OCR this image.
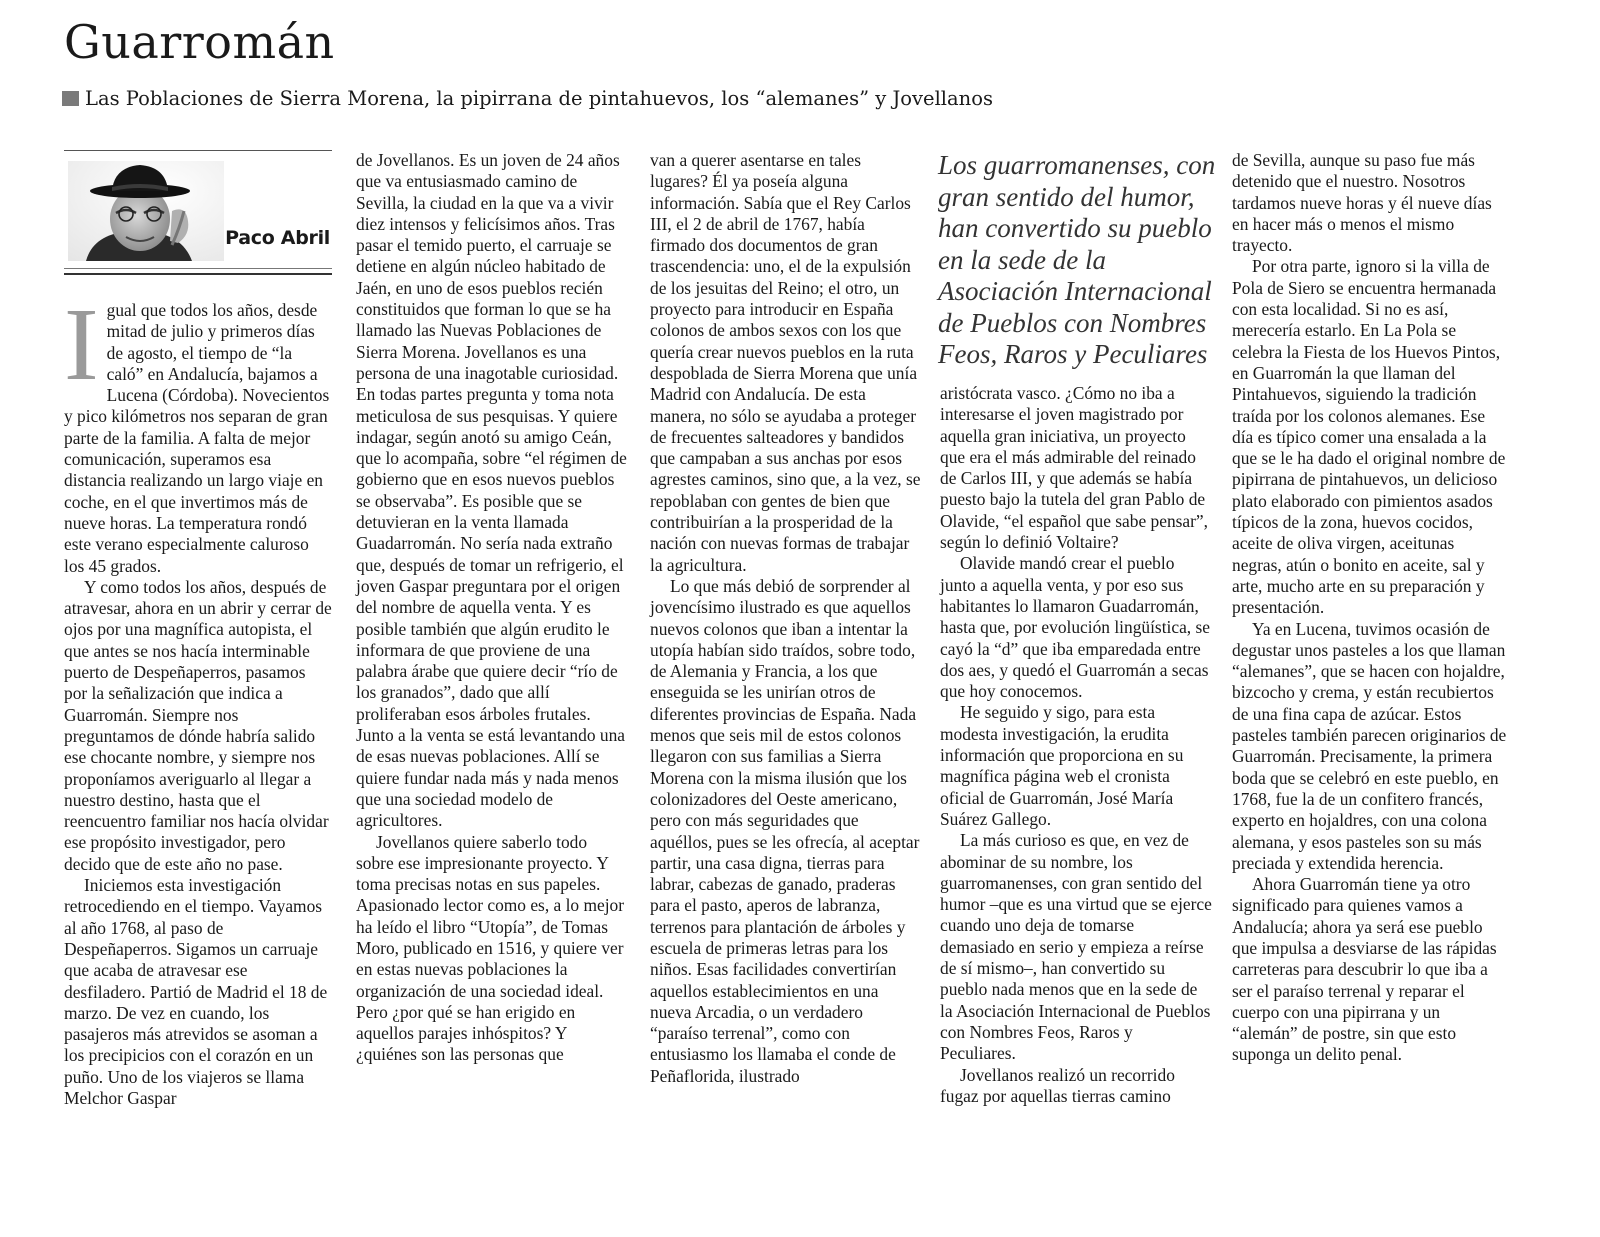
Guarromán
Las Poblaciones de Sierra Morena, la pipirrana de pintahuevos, los “alemanes” y Jovellanos
Paco Abril

Igual que todos los años, desde mitad de julio y primeros días de agosto, el tiempo de “la caló” en Andalucía, bajamos a Lucena (Córdoba). Novecientos y pico kilómetros nos separan de gran parte de la familia. A falta de mejor comunicación, superamos esa distancia realizando un largo viaje en coche, en el que invertimos más de nueve horas. La temperatura rondó este verano especialmente caluroso los 45 grados.

Y como todos los años, después de atravesar, ahora en un abrir y cerrar de ojos por una magnífica autopista, el que antes se nos hacía interminable puerto de Despeñaperros, pasamos por la señalización que indica a Guarromán. Siempre nos preguntamos de dónde habría salido ese chocante nombre, y siempre nos proponíamos averiguarlo al llegar a nuestro destino, hasta que el reencuentro familiar nos hacía olvidar ese propósito investigador, pero decido que de este año no pase.

Iniciemos esta investigación retrocediendo en el tiempo. Vayamos al año 1768, al paso de Despeñaperros. Sigamos un carruaje que acaba de atravesar ese desfiladero. Partió de Madrid el 18 de marzo. De vez en cuando, los pasajeros más atrevidos se asoman a los precipicios con el corazón en un puño. Uno de los viajeros se llama Melchor Gaspar

de Jovellanos. Es un joven de 24 años que va entusiasmado camino de Sevilla, la ciudad en la que va a vivir diez intensos y felicísimos años. Tras pasar el temido puerto, el carruaje se detiene en algún núcleo habitado de Jaén, en uno de esos pueblos recién constituidos que forman lo que se ha llamado las Nuevas Poblaciones de Sierra Morena. Jovellanos es una persona de una inagotable curiosidad. En todas partes pregunta y toma nota meticulosa de sus pesquisas. Y quiere indagar, según anotó su amigo Ceán, que lo acompaña, sobre “el régimen de gobierno que en esos nuevos pueblos se observaba”. Es posible que se detuvieran en la venta llamada Guadarromán. No sería nada extraño que, después de tomar un refrigerio, el joven Gaspar preguntara por el origen del nombre de aquella venta. Y es posible también que algún erudito le informara de que proviene de una palabra árabe que quiere decir “río de los granados”, dado que allí proliferaban esos árboles frutales. Junto a la venta se está levantando una de esas nuevas poblaciones. Allí se quiere fundar nada más y nada menos que una sociedad modelo de agricultores.

Jovellanos quiere saberlo todo sobre ese impresionante proyecto. Y toma precisas notas en sus papeles. Apasionado lector como es, a lo mejor ha leído el libro “Utopía”, de Tomas Moro, publicado en 1516, y quiere ver en estas nuevas poblaciones la organización de una sociedad ideal. Pero ¿por qué se han erigido en aquellos parajes inhóspitos? Y ¿quiénes son las personas que

van a querer asentarse en tales lugares? Él ya poseía alguna información. Sabía que el Rey Carlos III, el 2 de abril de 1767, había firmado dos documentos de gran trascendencia: uno, el de la expulsión de los jesuitas del Reino; el otro, un proyecto para introducir en España colonos de ambos sexos con los que quería crear nuevos pueblos en la ruta despoblada de Sierra Morena que unía Madrid con Andalucía. De esta manera, no sólo se ayudaba a proteger de frecuentes salteadores y bandidos que campaban a sus anchas por esos agrestes caminos, sino que, a la vez, se repoblaban con gentes de bien que contribuirían a la prosperidad de la nación con nuevas formas de trabajar la agricultura.

Lo que más debió de sorprender al jovencísimo ilustrado es que aquellos nuevos colonos que iban a intentar la utopía habían sido traídos, sobre todo, de Alemania y Francia, a los que enseguida se les unirían otros de diferentes provincias de España. Nada menos que seis mil de estos colonos llegaron con sus familias a Sierra Morena con la misma ilusión que los colonizadores del Oeste americano, pero con más seguridades que aquéllos, pues se les ofrecía, al aceptar partir, una casa digna, tierras para labrar, cabezas de ganado, praderas para el pasto, aperos de labranza, terrenos para plantación de árboles y escuela de primeras letras para los niños. Esas facilidades convertirían aquellos establecimientos en una nueva Arcadia, o un verdadero “paraíso terrenal”, como con entusiasmo los llamaba el conde de Peñaflorida, ilustrado

Los guarromanenses, con gran sentido del humor, han convertido su pueblo en la sede de la Asociación Internacional de Pueblos con Nombres Feos, Raros y Peculiares

aristócrata vasco. ¿Cómo no iba a interesarse el joven magistrado por aquella gran iniciativa, un proyecto que era el más admirable del reinado de Carlos III, y que además se había puesto bajo la tutela del gran Pablo de Olavide, “el español que sabe pensar”, según lo definió Voltaire?

Olavide mandó crear el pueblo junto a aquella venta, y por eso sus habitantes lo llamaron Guadarromán, hasta que, por evolución lingüística, se cayó la “d” que iba emparedada entre dos aes, y quedó el Guarromán a secas que hoy conocemos.

He seguido y sigo, para esta modesta investigación, la erudita información que proporciona en su magnífica página web el cronista oficial de Guarromán, José María Suárez Gallego.

La más curioso es que, en vez de abominar de su nombre, los guarromanenses, con gran sentido del humor –que es una virtud que se ejerce cuando uno deja de tomarse demasiado en serio y empieza a reírse de sí mismo–, han convertido su pueblo nada menos que en la sede de la Asociación Internacional de Pueblos con Nombres Feos, Raros y Peculiares.

Jovellanos realizó un recorrido fugaz por aquellas tierras camino

de Sevilla, aunque su paso fue más detenido que el nuestro. Nosotros tardamos nueve horas y él nueve días en hacer más o menos el mismo trayecto.

Por otra parte, ignoro si la villa de Pola de Siero se encuentra hermanada con esta localidad. Si no es así, merecería estarlo. En La Pola se celebra la Fiesta de los Huevos Pintos, en Guarromán la que llaman del Pintahuevos, siguiendo la tradición traída por los colonos alemanes. Ese día es típico comer una ensalada a la que se le ha dado el original nombre de pipirrana de pintahuevos, un delicioso plato elaborado con pimientos asados típicos de la zona, huevos cocidos, aceite de oliva virgen, aceitunas negras, atún o bonito en aceite, sal y arte, mucho arte en su preparación y presentación.

Ya en Lucena, tuvimos ocasión de degustar unos pasteles a los que llaman “alemanes”, que se hacen con hojaldre, bizcocho y crema, y están recubiertos de una fina capa de azúcar. Estos pasteles también parecen originarios de Guarromán. Precisamente, la primera boda que se celebró en este pueblo, en 1768, fue la de un confitero francés, experto en hojaldres, con una colona alemana, y esos pasteles son su más preciada y extendida herencia.

Ahora Guarromán tiene ya otro significado para quienes vamos a Andalucía; ahora ya será ese pueblo que impulsa a desviarse de las rápidas carreteras para descubrir lo que iba a ser el paraíso terrenal y reparar el cuerpo con una pipirrana y un “alemán” de postre, sin que esto suponga un delito penal.
